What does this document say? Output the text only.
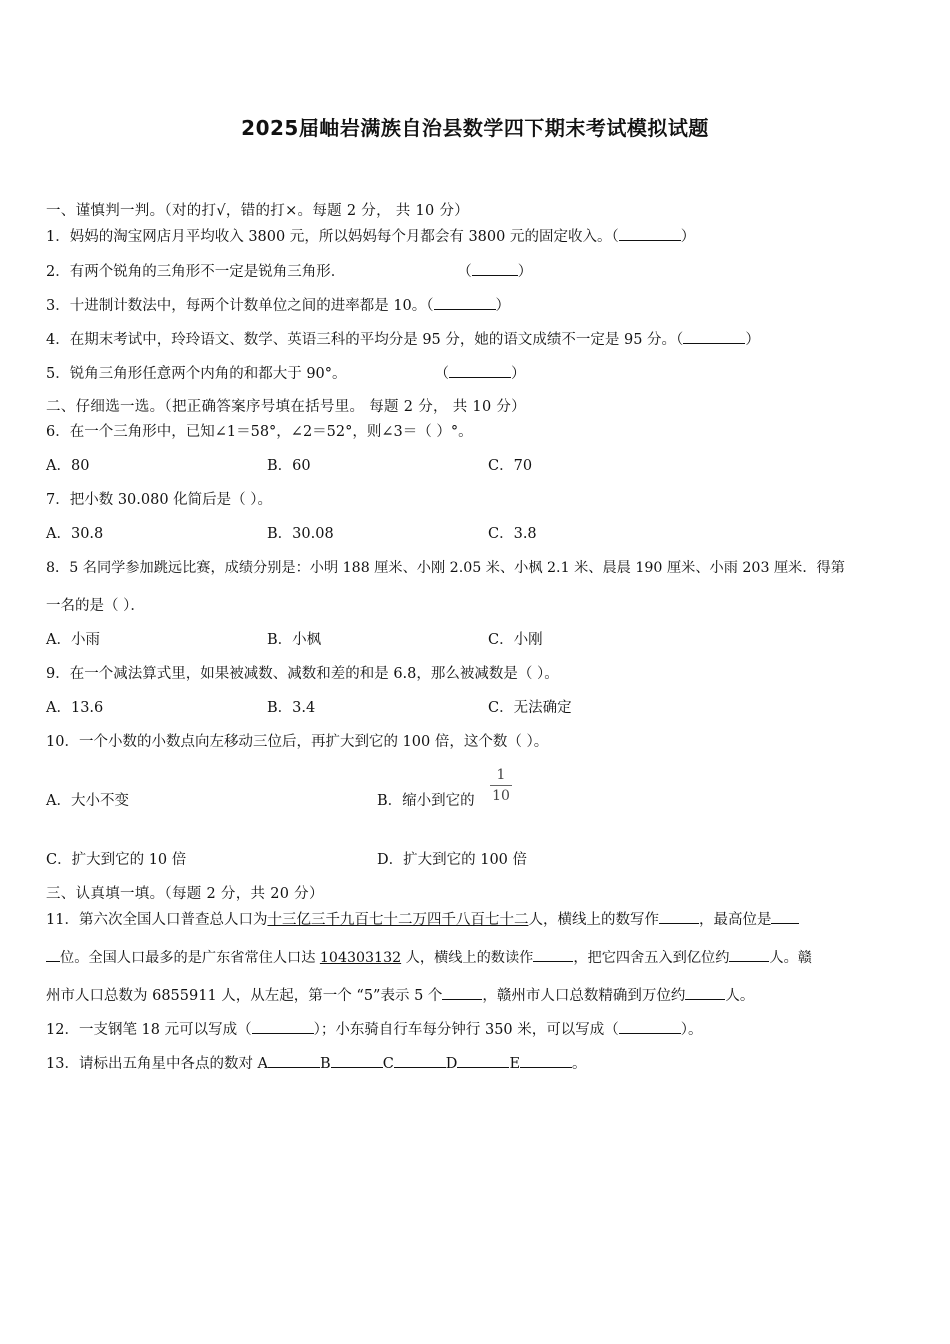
2025届岫岩满族自治县数学四下期末考试模拟试题
一、谨慎判一判。（对的打√，错的打×。每题 2 分， 共 10 分）
1．妈妈的淘宝网店月平均收入 3800 元，所以妈妈每个月都会有 3800 元的固定收入。（	）
2．有两个锐角的三角形不一定是锐角三角形．	（	）
3．十进制计数法中，每两个计数单位之间的进率都是 10。（	）
4．在期末考试中，玲玲语文、数学、英语三科的平均分是 95 分，她的语文成绩不一定是 95 分。（	）
5．锐角三角形任意两个内角的和都大于 90°。	（	）
二、仔细选一选。（把正确答案序号填在括号里。 每题 2 分， 共 10 分）
6．在一个三角形中，已知∠1＝58°，∠2＝52°，则∠3＝（ ）°。
A．80	B．60	C．70
7．把小数 30.080 化简后是（ ）。
A．30.8	B．30.08	C．3.8
8．5 名同学参加跳远比赛，成绩分别是：小明 188 厘米、小刚 2.05 米、小枫 2.1 米、晨晨 190 厘米、小雨 203 厘米．得第
一名的是（ ）．
A．小雨	B．小枫	C．小刚
9．在一个减法算式里，如果被减数、减数和差的和是 6.8，那么被减数是（ ）。
A．13.6	B．3.4	C．无法确定
10．一个小数的小数点向左移动三位后，再扩大到它的 100 倍，这个数（ ）。
A．大小不变	B．缩小到它的 $\frac{1}{10}$
C．扩大到它的 10 倍	D．扩大到它的 100 倍
三、认真填一填。（每题 2 分，共 20 分）
11．第六次全国人口普查总人口为十三亿三千九百七十二万四千八百七十二人，横线上的数写作	，最高位是
位。全国人口最多的是广东省常住人口达 104303132 人，横线上的数读作	，把它四舍五入到亿位约	人。赣
州市人口总数为 6855911 人，从左起，第一个 “5”表示 5 个	，赣州市人口总数精确到万位约	人。
12．一支钢笔 18 元可以写成（	）；小东骑自行车每分钟行 350 米，可以写成（	）。
13．请标出五角星中各点的数对 A	B	C	D	E	。
